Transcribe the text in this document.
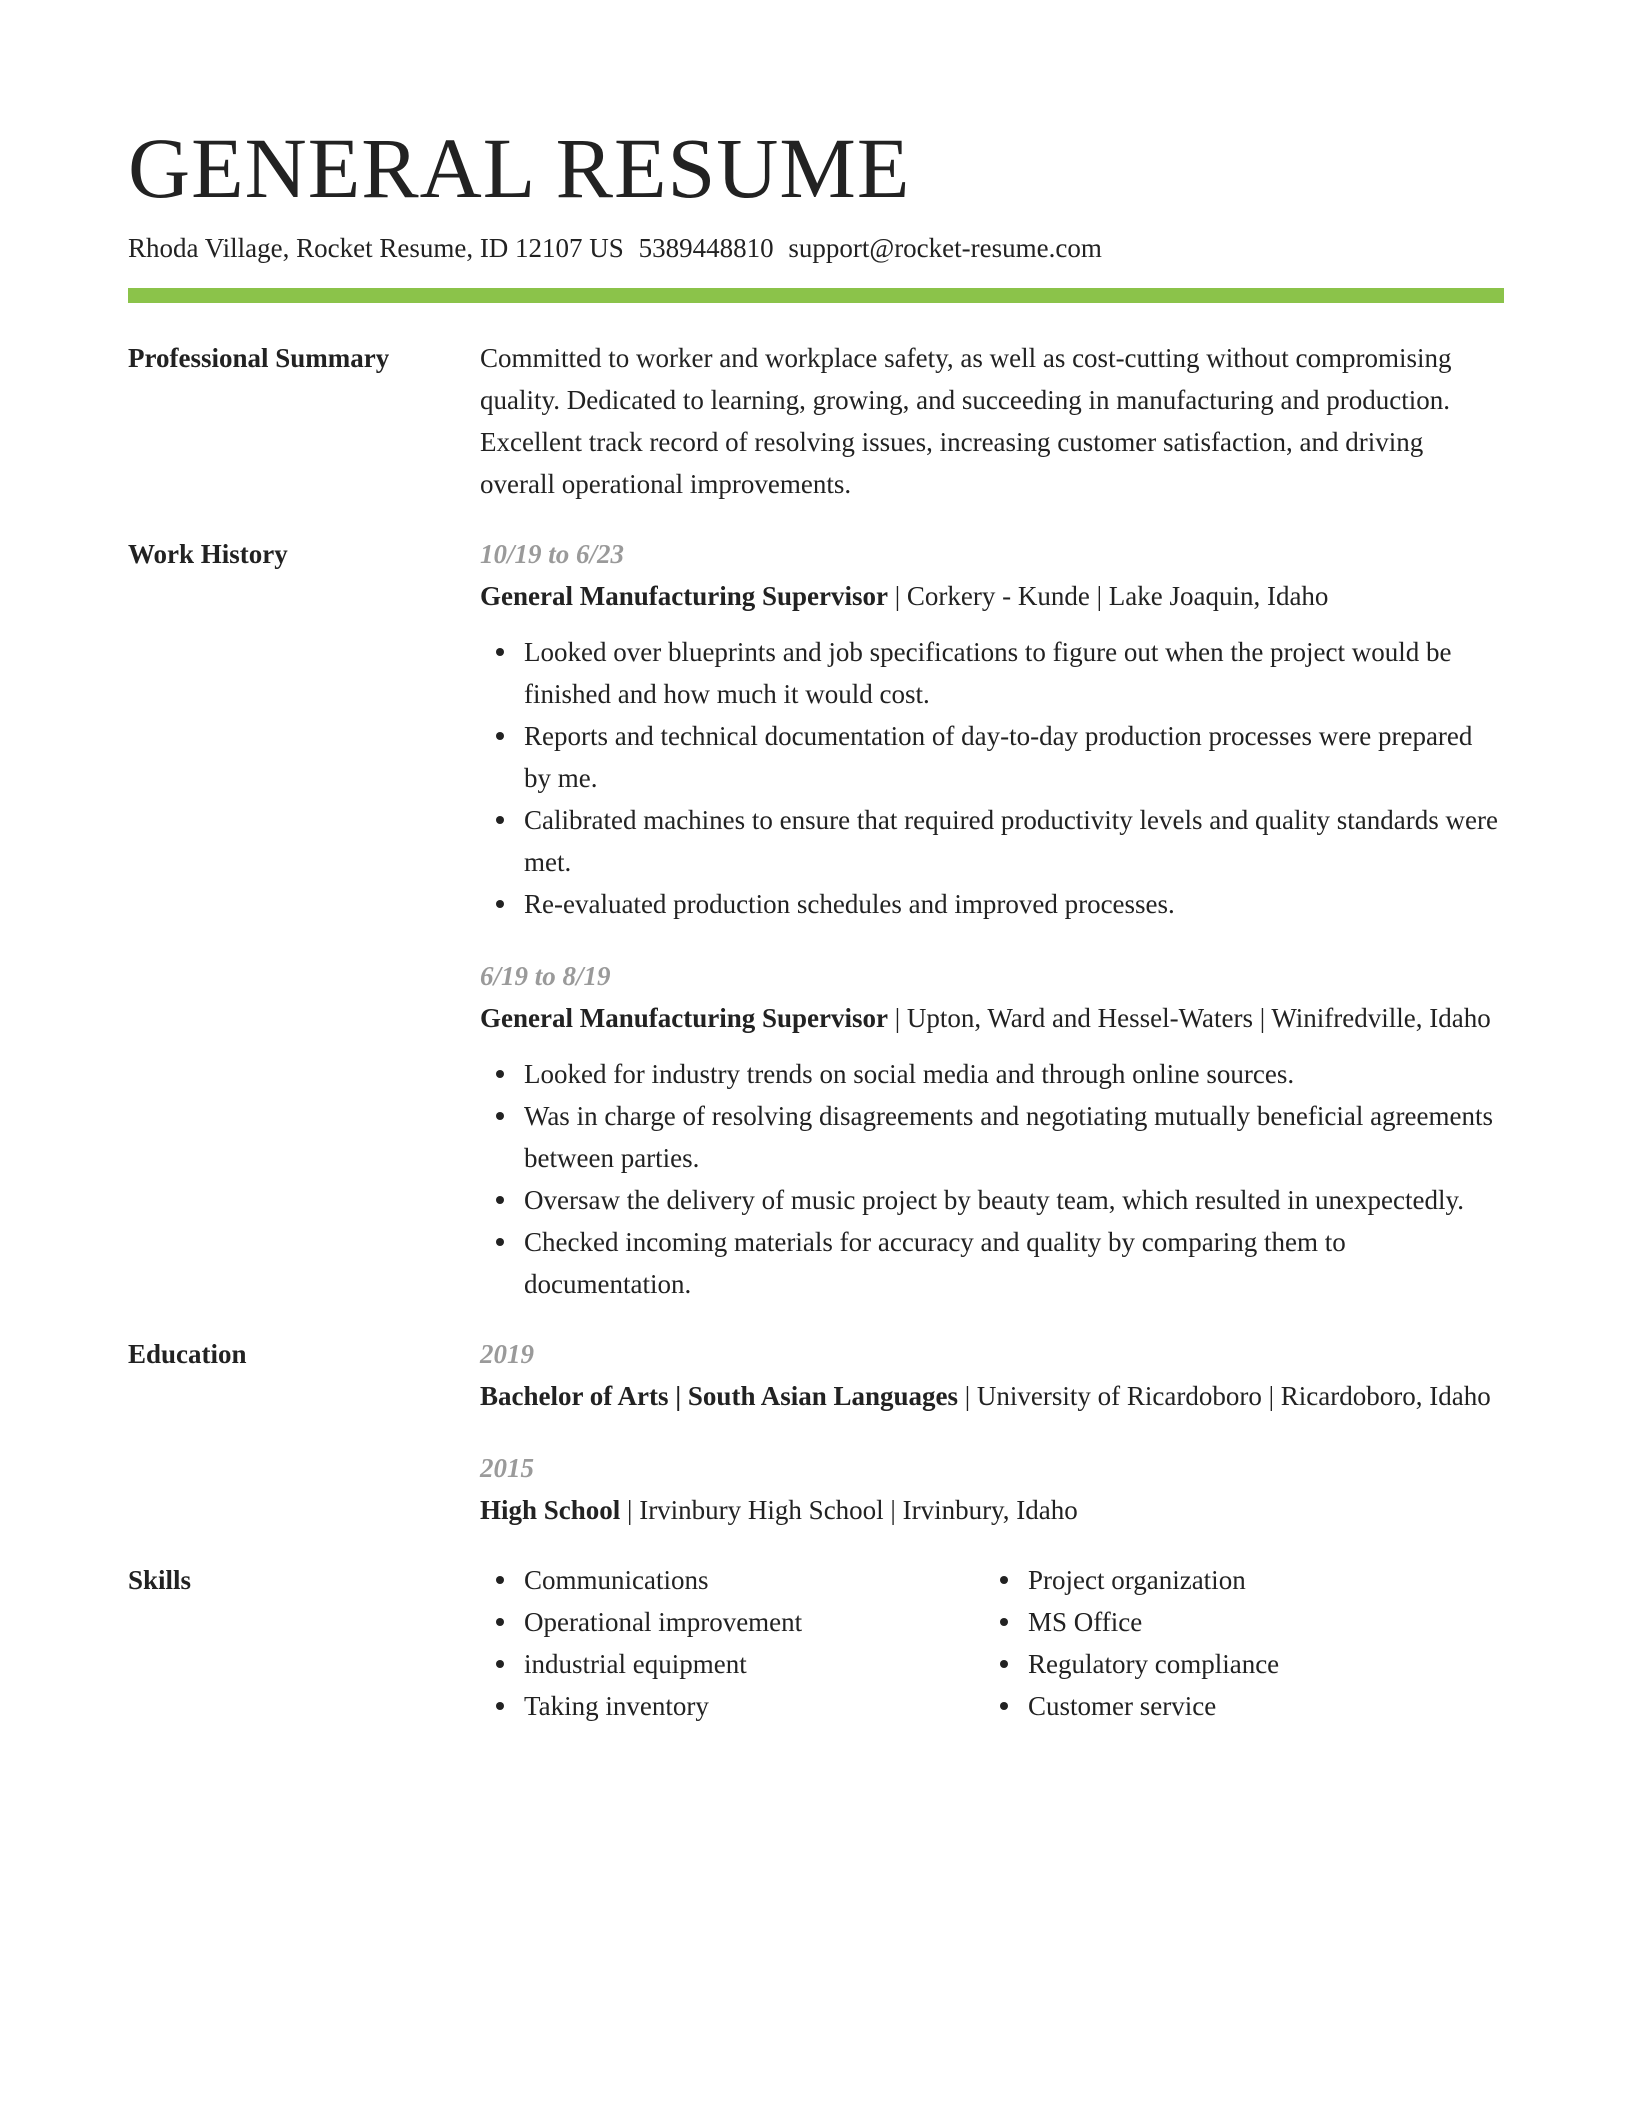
GENERAL RESUME
Rhoda Village, Rocket Resume, ID 12107 US 5389448810 support@rocket-resume.com
Professional Summary	Committed to worker and workplace safety, as well as cost-cutting without compromising quality. Dedicated to learning, growing, and succeeding in manufacturing and production. Excellent track record of resolving issues, increasing customer satisfaction, and driving overall operational improvements.

Work History	10/19 to 6/23

General Manufacturing Supervisor | Corkery - Kunde | Lake Joaquin, Idaho

Looked over blueprints and job specifications to figure out when the project would be finished and how much it would cost.
Reports and technical documentation of day-to-day production processes were prepared by me.
Calibrated machines to ensure that required productivity levels and quality standards were met.
Re-evaluated production schedules and improved processes.
6/19 to 8/19

General Manufacturing Supervisor | Upton, Ward and Hessel-Waters | Winifredville, Idaho

Looked for industry trends on social media and through online sources.
Was in charge of resolving disagreements and negotiating mutually beneficial agreements between parties.
Oversaw the delivery of music project by beauty team, which resulted in unexpectedly.
Checked incoming materials for accuracy and quality by comparing them to documentation.
Education	2019

Bachelor of Arts | South Asian Languages | University of Ricardoboro | Ricardoboro, Idaho

2015

High School | Irvinbury High School | Irvinbury, Idaho

Skills	Communications
Operational improvement
industrial equipment
Taking inventory
Project organization
MS Office
Regulatory compliance
Customer service
